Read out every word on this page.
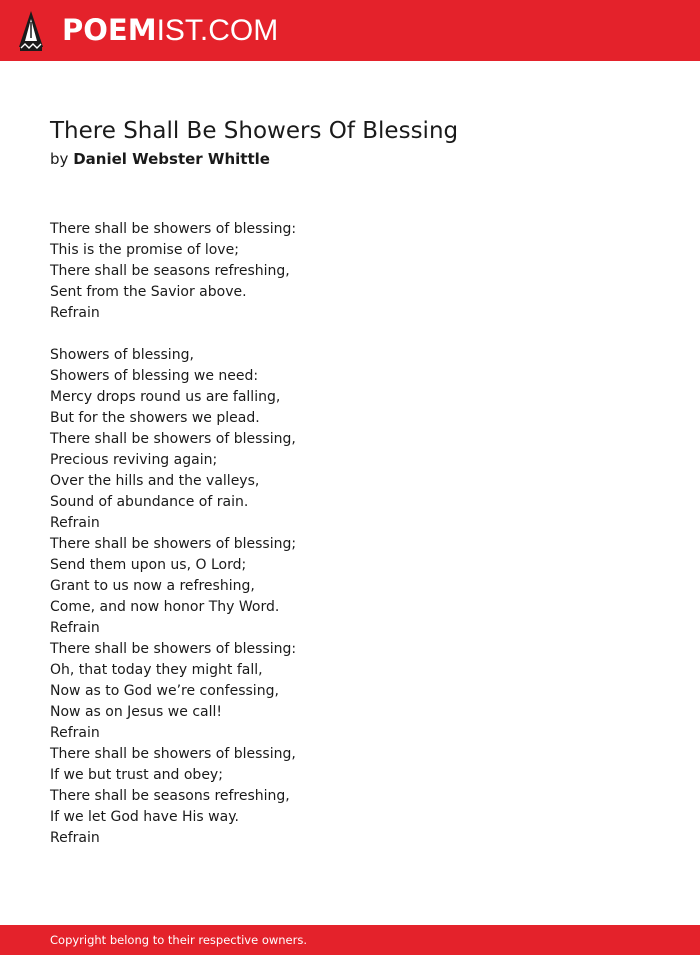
POEMIST.COM
There Shall Be Showers Of Blessing
by Daniel Webster Whittle
There shall be showers of blessing:
This is the promise of love;
There shall be seasons refreshing,
Sent from the Savior above.
Refrain
Showers of blessing,
Showers of blessing we need:
Mercy drops round us are falling,
But for the showers we plead.
There shall be showers of blessing,
Precious reviving again;
Over the hills and the valleys,
Sound of abundance of rain.
Refrain
There shall be showers of blessing;
Send them upon us, O Lord;
Grant to us now a refreshing,
Come, and now honor Thy Word.
Refrain
There shall be showers of blessing:
Oh, that today they might fall,
Now as to God we’re confessing,
Now as on Jesus we call!
Refrain
There shall be showers of blessing,
If we but trust and obey;
There shall be seasons refreshing,
If we let God have His way.
Refrain
Copyright belong to their respective owners.
